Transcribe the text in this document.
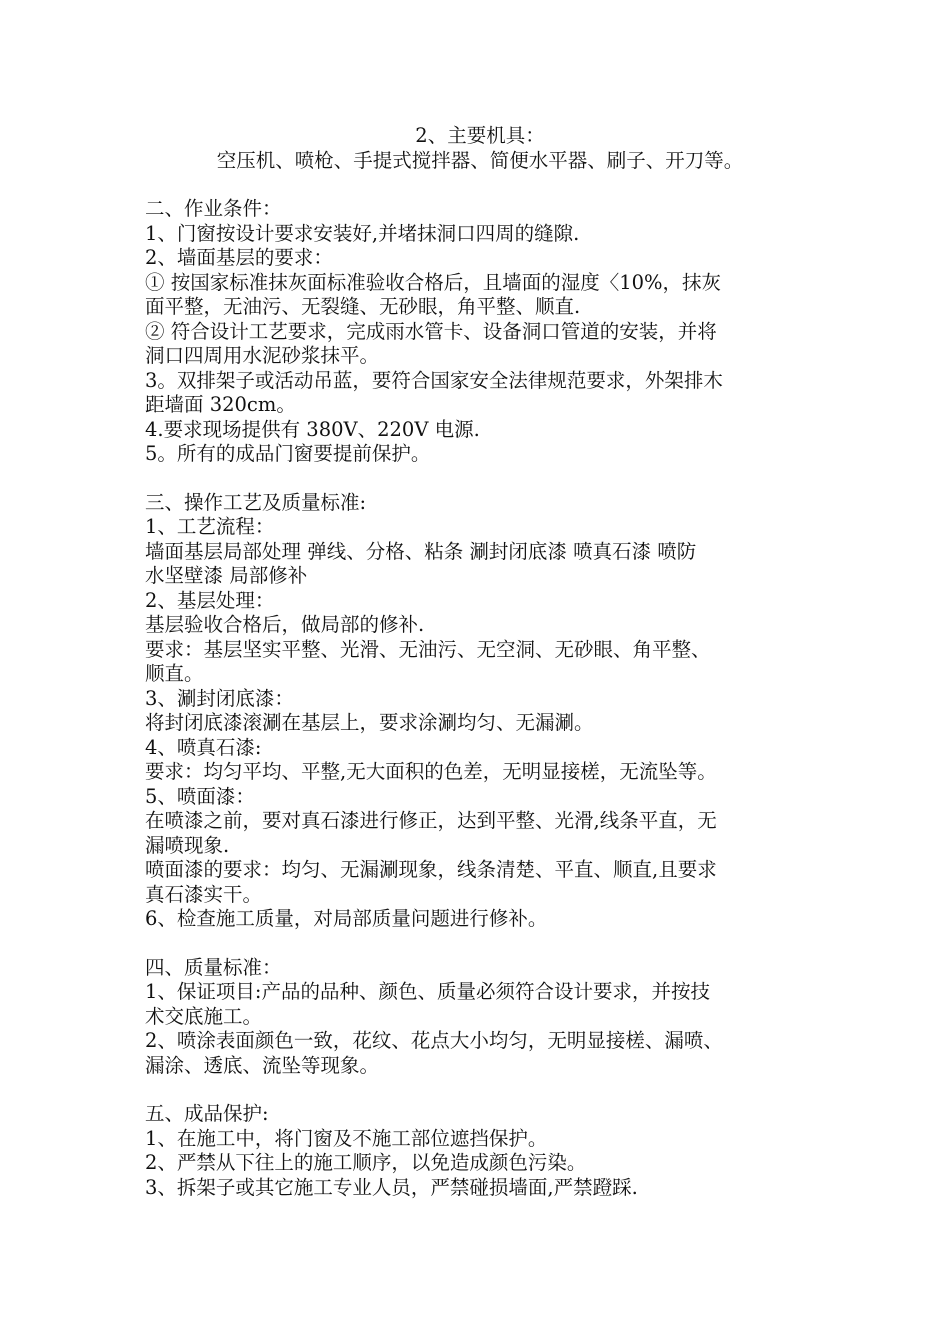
2、主要机具：
空压机、喷枪、手提式搅拌器、简便水平器、刷子、开刀等。

二、作业条件：

1、门窗按设计要求安装好,并堵抹洞口四周的缝隙.

2、墙面基层的要求：

① 按国家标准抹灰面标准验收合格后，且墙面的湿度〈10%，抹灰

面平整，无油污、无裂缝、无砂眼，角平整、顺直.

② 符合设计工艺要求，完成雨水管卡、设备洞口管道的安装，并将

洞口四周用水泥砂浆抹平。

3。双排架子或活动吊蓝，要符合国家安全法律规范要求，外架排木

距墙面 320cm。

4.要求现场提供有 380V、220V 电源.

5。所有的成品门窗要提前保护。

三、操作工艺及质量标准:

1、工艺流程：

墙面基层局部处理 弹线、分格、粘条 涮封闭底漆 喷真石漆 喷防

水坚壁漆 局部修补

2、基层处理：

基层验收合格后，做局部的修补.

要求：基层坚实平整、光滑、无油污、无空洞、无砂眼、角平整、

顺直。

3、涮封闭底漆：

将封闭底漆滚涮在基层上，要求涂涮均匀、无漏涮。

4、喷真石漆:

要求：均匀平均、平整,无大面积的色差，无明显接槎，无流坠等。

5、喷面漆：

在喷漆之前，要对真石漆进行修正，达到平整、光滑,线条平直，无

漏喷现象.

喷面漆的要求：均匀、无漏涮现象，线条清楚、平直、顺直,且要求

真石漆实干。

6、检查施工质量，对局部质量问题进行修补。

四、质量标准：

1、保证项目:产品的品种、颜色、质量必须符合设计要求，并按技

术交底施工。

2、喷涂表面颜色一致，花纹、花点大小均匀，无明显接槎、漏喷、

漏涂、透底、流坠等现象。

五、成品保护:

1、在施工中，将门窗及不施工部位遮挡保护。

2、严禁从下往上的施工顺序，以免造成颜色污染。

3、拆架子或其它施工专业人员，严禁碰损墙面,严禁蹬踩.
